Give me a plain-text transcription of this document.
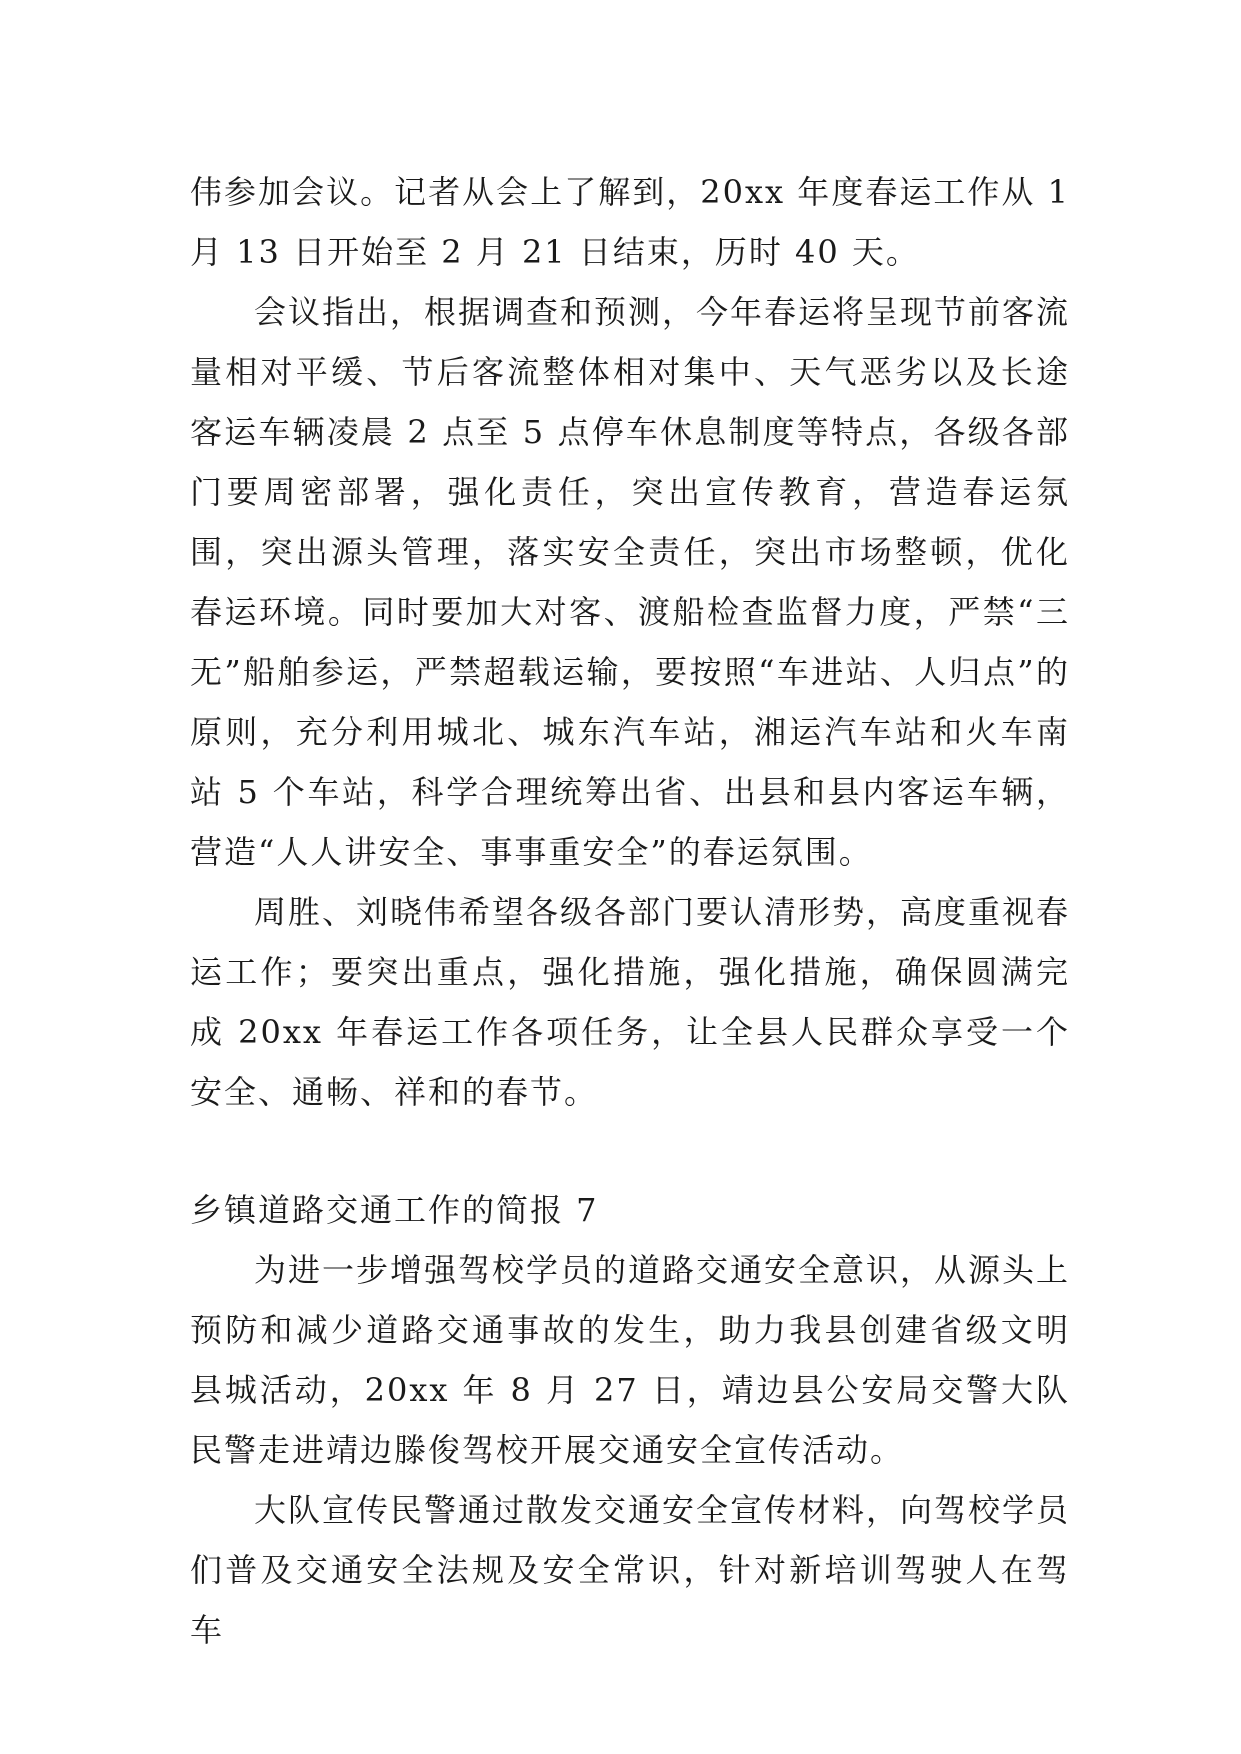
伟参加会议。记者从会上了解到，20xx 年度春运工作从 1 月 13 日开始至 2 月 21 日结束，历时 40 天。

会议指出，根据调查和预测，今年春运将呈现节前客流量相对平缓、节后客流整体相对集中、天气恶劣以及长途客运车辆凌晨 2 点至 5 点停车休息制度等特点，各级各部门要周密部署，强化责任，突出宣传教育，营造春运氛围，突出源头管理，落实安全责任，突出市场整顿，优化春运环境。同时要加大对客、渡船检查监督力度，严禁“三无”船舶参运，严禁超载运输，要按照“车进站、人归点”的原则，充分利用城北、城东汽车站，湘运汽车站和火车南站 5 个车站，科学合理统筹出省、出县和县内客运车辆，营造“人人讲安全、事事重安全”的春运氛围。

周胜、刘晓伟希望各级各部门要认清形势，高度重视春运工作；要突出重点，强化措施，强化措施，确保圆满完成 20xx 年春运工作各项任务，让全县人民群众享受一个安全、通畅、祥和的春节。

乡镇道路交通工作的简报 7

为进一步增强驾校学员的道路交通安全意识，从源头上预防和减少道路交通事故的发生，助力我县创建省级文明县城活动，20xx 年 8 月 27 日，靖边县公安局交警大队民警走进靖边滕俊驾校开展交通安全宣传活动。

大队宣传民警通过散发交通安全宣传材料，向驾校学员们普及交通安全法规及安全常识，针对新培训驾驶人在驾车
